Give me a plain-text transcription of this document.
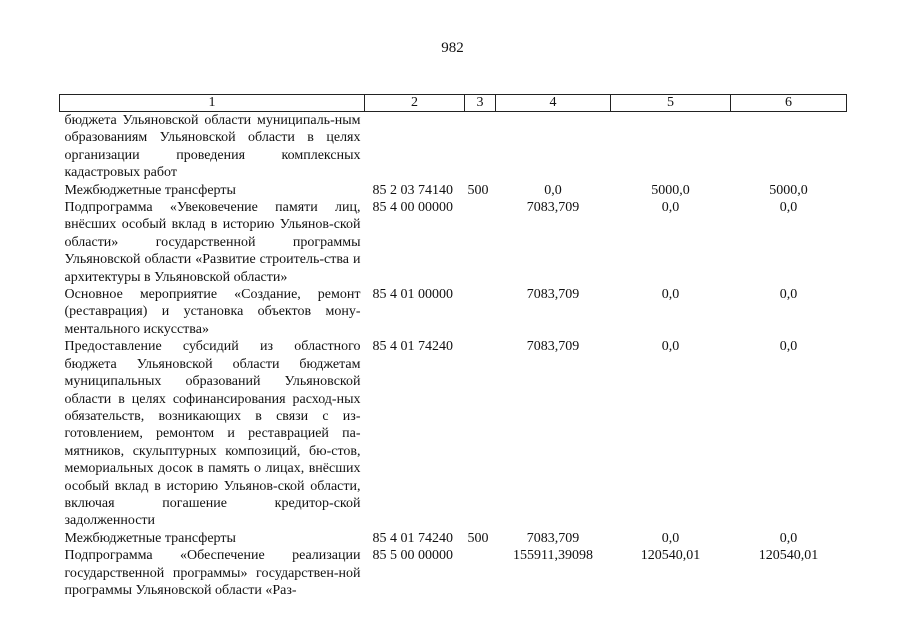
982
1	2	3	4	5	6
бюджета Ульяновской области муниципаль-ным образованиям Ульяновской области в целях организации проведения комплексных кадастровых работ					
Межбюджетные трансферты	85 2 03 74140	500	0,0	5000,0	5000,0
Подпрограмма «Увековечение памяти лиц, внёсших особый вклад в историю Ульянов-ской области» государственной программы Ульяновской области «Развитие строитель-ства и архитектуры в Ульяновской области»	85 4 00 00000		7083,709	0,0	0,0
Основное мероприятие «Создание, ремонт (реставрация) и установка объектов мону-ментального искусства»	85 4 01 00000		7083,709	0,0	0,0
Предоставление субсидий из областного бюджета Ульяновской области бюджетам муниципальных образований Ульяновской области в целях софинансирования расход-ных обязательств, возникающих в связи с из-готовлением, ремонтом и реставрацией па-мятников, скульптурных композиций, бю-стов, мемориальных досок в память о лицах, внёсших особый вклад в историю Ульянов-ской области, включая погашение кредитор-ской задолженности	85 4 01 74240		7083,709	0,0	0,0
Межбюджетные трансферты	85 4 01 74240	500	7083,709	0,0	0,0
Подпрограмма «Обеспечение реализации государственной программы» государствен-ной программы Ульяновской области «Раз-	85 5 00 00000		155911,39098	120540,01	120540,01
